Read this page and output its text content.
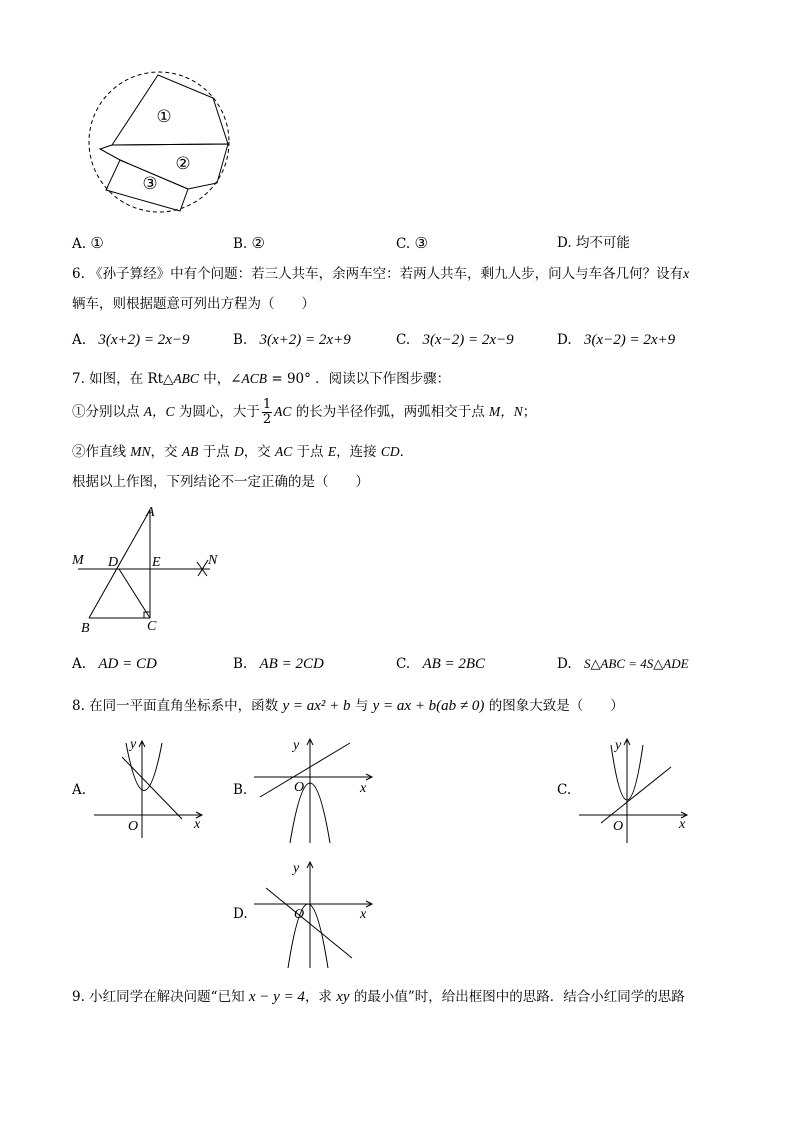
①
②
③
A. ①	B. ②	C. ③	D. 均不可能
6. 《孙子算经》中有个问题：若三人共车，余两车空：若两人共车，剩九人步，问人与车各几何？设有x
辆车，则根据题意可列出方程为（　　）
A. 3(x+2) = 2x−9	B. 3(x+2) = 2x+9	C. 3(x−2) = 2x−9	D. 3(x−2) = 2x+9
7. 如图，在 Rt△ABC 中，∠ACB = 90° ．阅读以下作图步骤：
①分别以点 A，C 为圆心，大于 $\frac{1}{2}$ AC 的长为半径作弧，两弧相交于点 M，N；
②作直线 MN，交 AB 于点 D，交 AC 于点 E，连接 CD．
根据以上作图，下列结论不一定正确的是（　　）
A
M D E	N
B	C
A. AD = CD	B. AB = 2CD	C. AB = 2BC	D. S△ABC = 4S△ADE
8. 在同一平面直角坐标系中，函数 y = ax² + b 与 y = ax + b(ab ≠ 0) 的图象大致是（　　）
A.
x
y
O
B.	x
y
O	C.
x
y
O
D.	x
y
O
9. 小红同学在解决问题“已知 x − y = 4，求 xy 的最小值”时，给出框图中的思路．结合小红同学的思路
